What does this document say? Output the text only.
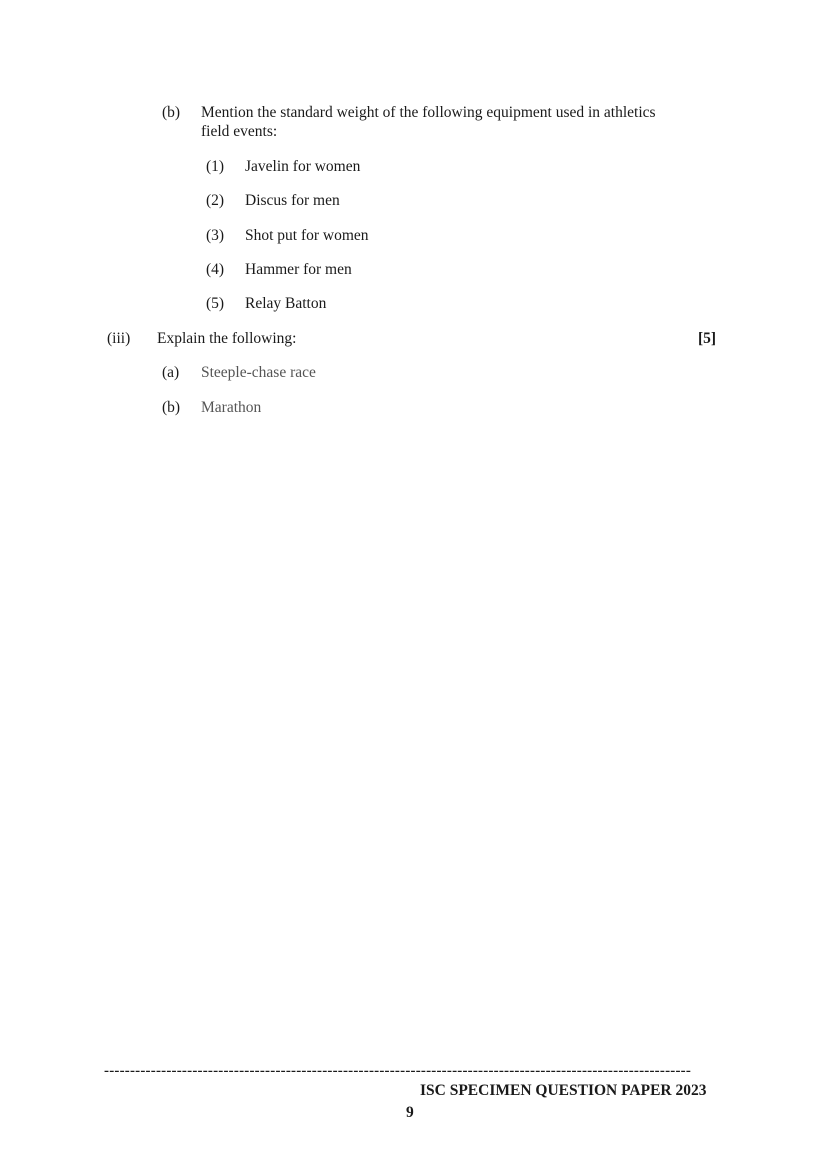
(b) Mention the standard weight of the following equipment used in athletics
field events:
(1) Javelin for women
(2) Discus for men
(3) Shot put for women
(4) Hammer for men
(5) Relay Batton
(iii) Explain the following:	[5]
(a) Steeple-chase race
(b) Marathon
-----------------------------------------------------------------------------------------------------------------
ISC SPECIMEN QUESTION PAPER 2023
9
